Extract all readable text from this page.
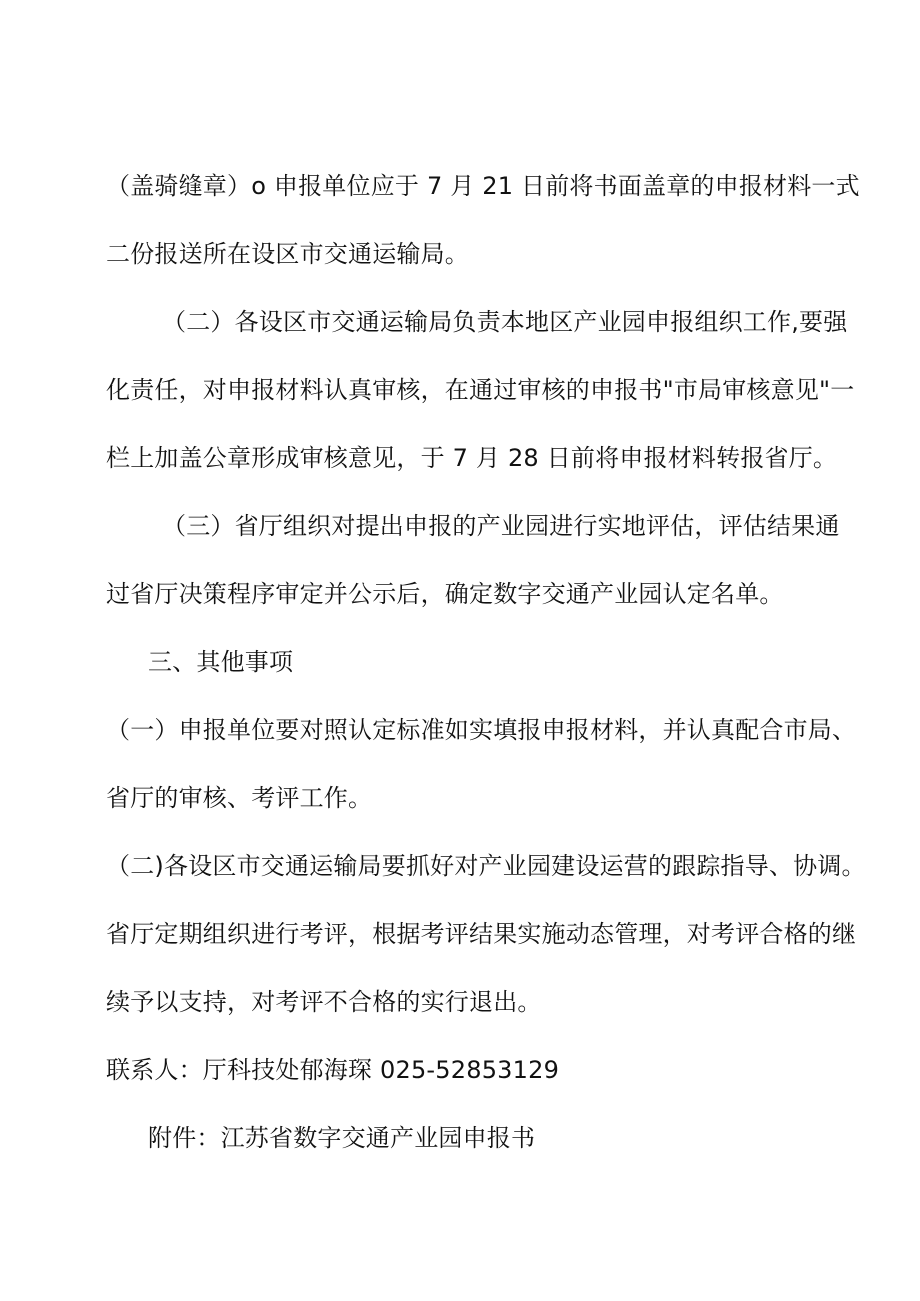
（盖骑缝章）o 申报单位应于 7 月 21 日前将书面盖章的申报材料一式
二份报送所在设区市交通运输局。
（二）各设区市交通运输局负责本地区产业园申报组织工作,要强
化责任，对申报材料认真审核，在通过审核的申报书"市局审核意见"一
栏上加盖公章形成审核意见，于 7 月 28 日前将申报材料转报省厅。
（三）省厅组织对提出申报的产业园进行实地评估，评估结果通
过省厅决策程序审定并公示后，确定数字交通产业园认定名单。
三、其他事项
（一）申报单位要对照认定标准如实填报申报材料，并认真配合市局、
省厅的审核、考评工作。
（二)各设区市交通运输局要抓好对产业园建设运营的跟踪指导、协调。
省厅定期组织进行考评，根据考评结果实施动态管理，对考评合格的继
续予以支持，对考评不合格的实行退出。
联系人：厅科技处郁海琛 025-52853129
附件：江苏省数字交通产业园申报书
